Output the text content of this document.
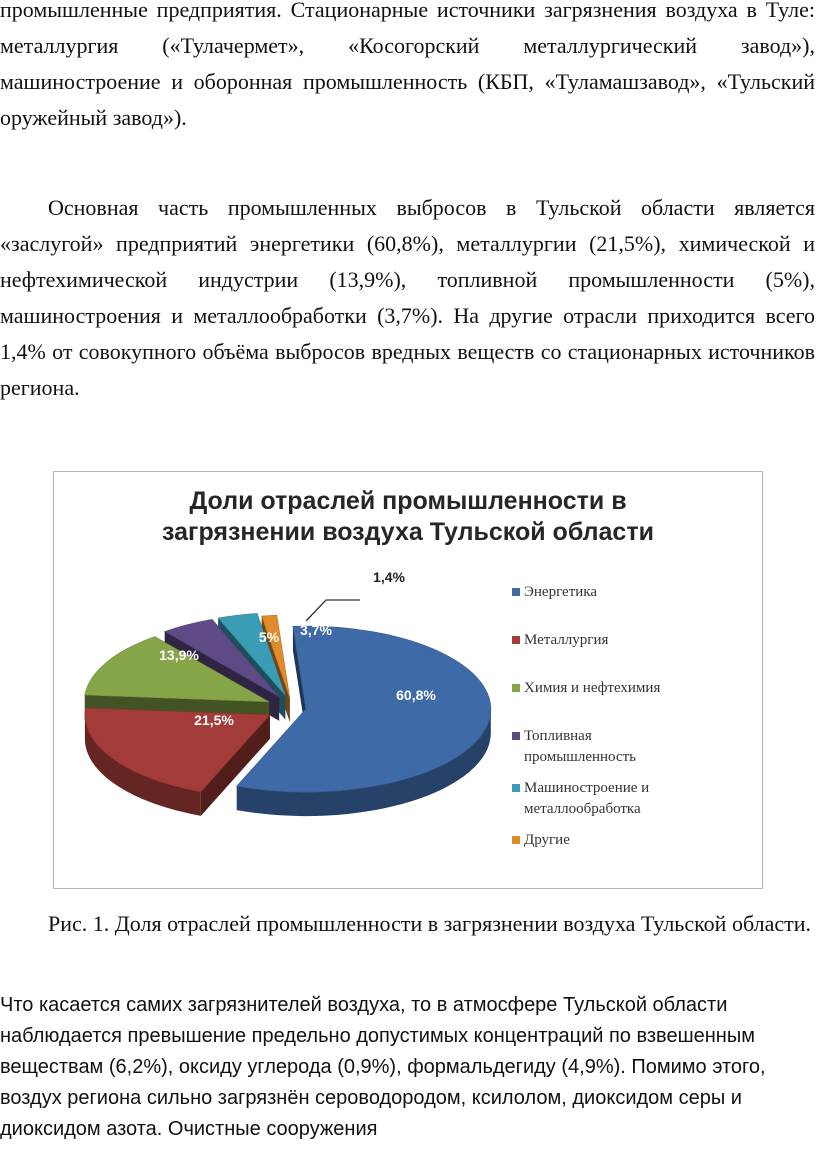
промышленные предприятия. Стационарные источники загрязнения воздуха в Туле: металлургия («Тулачермет», «Косогорский металлургический завод»), машиностроение и оборонная промышленность (КБП, «Туламашзавод», «Тульский оружейный завод»).

Основная часть промышленных выбросов в Тульской области является «заслугой» предприятий энергетики (60,8%), металлургии (21,5%), химической и нефтехимической индустрии (13,9%), топливной промышленности (5%), машиностроения и металлообработки (3,7%). На другие отрасли приходится всего 1,4% от совокупного объёма выбросов вредных веществ со стационарных источников региона.

Доли отраслей промышленности в
загрязнении воздуха Тульской области
60,8%
21,5%
13,9%
5% 3,7%
1,4%
Энергетика
Металлургия
Химия и нефтехимия
Топливная
промышленность
Машиностроение и
металлообработка
Другие

Рис. 1. Доля отраслей промышленности в загрязнении воздуха Тульской области.

Что касается самих загрязнителей воздуха, то в атмосфере Тульской области наблюдается превышение предельно допустимых концентраций по взвешенным веществам (6,2%), оксиду углерода (0,9%), формальдегиду (4,9%). Помимо этого, воздух региона сильно загрязнён сероводородом, ксилолом, диоксидом серы и диоксидом азота. Очистные сооружения
